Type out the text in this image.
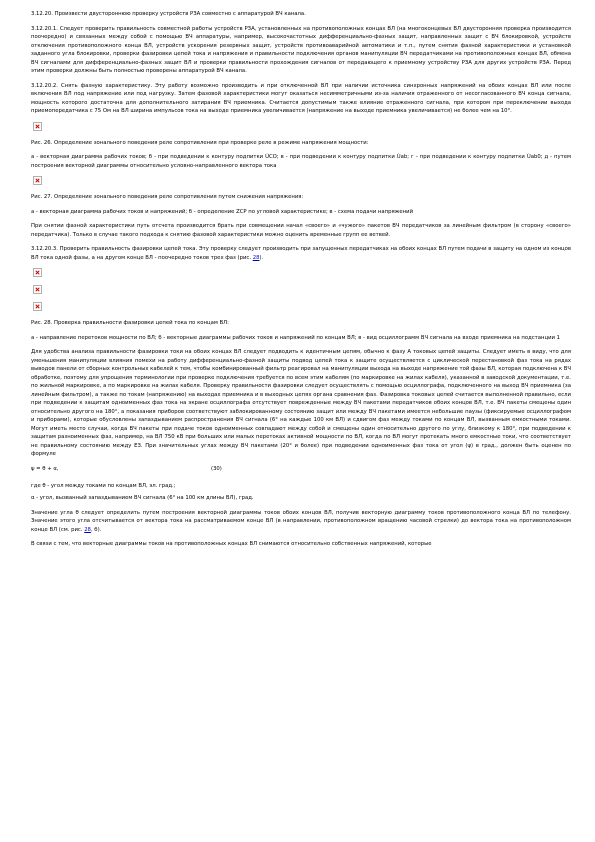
3.12.20. Произвести двустороннюю проверку устройств РЗА совместно с аппаратурой ВЧ канала.

3.12.20.1. Следует проверить правильность совместной работы устройств РЗА, установленных на противоположных концах ВЛ (на многоконцевых ВЛ двусторонняя проверка производится поочередно) и связанных между собой с помощью ВЧ аппаратуры, например, высокочастотных дифференциально-фазных защит, направленных защит с ВЧ блокировкой, устройств отключения противоположного конца ВЛ, устройств ускорения резервных защит, устройств противоаварийной автоматики и т.п., путем снятия фазной характеристики и установкой заданного угла блокировки, проверки фазировки цепей тока и напряжения и правильности подключения органов манипуляции ВЧ передатчиками на противоположных концах ВЛ, обмена ВЧ сигналами для дифференциально-фазных защит ВЛ и проверки правильности прохождения сигналов от передающего к приемному устройству РЗА для других устройств РЗА. Перед этим проверки должны быть полностью проверены аппаратурой ВЧ канала.

3.12.20.2. Снять фазную характеристику. Эту работу возможно производить и при отключенной ВЛ при наличии источника синхронных напряжений на обоих концах ВЛ или после включения ВЛ под напряжение или под нагрузку. Затем фазовой характеристики могут оказаться несимметричными из-за наличия отраженного от несогласованного ВЧ конца сигнала, мощность которого достаточна для дополнительного затирания ВЧ приемника. Считается допустимым также влияние отраженного сигнала, при котором при переключении выхода приемопередатчика с 75 Ом на ВЛ ширина импульсов тока на выходе приемника увеличивается (напряжение на выходе приемника увеличивается) не более чем на 10°.

Рис. 26. Определение зонального поведения реле сопротивления при проверке реле в режиме напряжения мощности:

а - векторная диаграмма рабочих токов; б - при подведении к контуру подпитки U̇CO; в - при подведении к контуру подпитки U̇ab; г - при подведении к контуру подпитки U̇ab0; д - путем построения векторной диаграммы относительно условно-направленного вектора тока

Рис. 27. Определение зонального поведения реле сопротивления путем снижения напряжения:

а - векторная диаграмма рабочих токов и напряжений; б - определение ZCP по угловой характеристике; в - схема подачи напряжений

При снятии фазной характеристики путь отсчета производится брать при совмещении начал «своего» и «чужого» пакетов ВЧ передатчиков за линейным фильтром (в сторону «своего» передатчика). Только в случае такого подхода к снятию фазовой характеристики можно оценить временные групп ее ветвей.

3.12.20.3. Проверить правильность фазировки цепей тока. Эту проверку следует производить при запущенных передатчиках на обоих концах ВЛ путем подачи в защиту на одном из концов ВЛ тока одной фазы, а на другом конце ВЛ - поочередно токов трех фаз (рис. 28).

Рис. 28. Проверка правильности фазировки цепей тока по концам ВЛ:

а - направление перетоков мощности по ВЛ; б - векторные диаграммы рабочих токов и напряжений по концам ВЛ; в - вид осциллограмм ВЧ сигнала на входе приемника на подстанции 1

Для удобства анализа правильности фазировки токи на обоих концах ВЛ следует подводить к идентичным цепям, обычно к фазу А токовых цепей защиты. Следует иметь в виду, что для уменьшения манипуляции влияния помехи на работу дифференциально-фазной защиты подвод цепей тока к защите осуществляется с циклической перестановкой фаз тока на рядах выводов панели от сборных контрольных кабелей к тем, чтобы комбинированный фильтр реагировал на манипуляции выхода на выходе напряжение той фазы ВЛ, которая подключена к ВЧ обработке, поэтому для упрощения терминологии при проверке подключения требуется по всем этим кабелям (по маркировке на жилах кабеля), указанной в заводской документации, т.е. по жильной маркировке, а по маркировке на жилах кабеля. Проверку правильности фазировки следует осуществлять с помощью осциллографа, подключенного на выход ВЧ приемника (за линейным фильтром), а также по токам (напряжению) на выходах приемника и в выходных цепях органа сравнения фаз. Фазировка токовых цепей считается выполненной правильно, если при подведении к защитам одноименных фаз тока на экране осциллографа отсутствует поврежденные между ВЧ пакетами передатчиков обоих концов ВЛ, т.е. ВЧ пакеты смещены один относительно другого на 180°, а показания приборов соответствуют заблокированному состоянию защит или между ВЧ пакетами имеется небольшие паузы (фиксируемые осциллографом и приборами), которые обусловлены запаздыванием распространения ВЧ сигнала (6° на каждые 100 км ВЛ) и сдвигом фаз между токами по концам ВЛ, вызванным емкостными токами. Могут иметь место случаи, когда ВЧ пакеты при подаче токов одноименных совпадают между собой и смещены один относительно другого по углу, близкому к 180°, при подведении к защитам разноименных фаз, например, на ВЛ 750 кВ при больших или малых перетоках активной мощности по ВЛ, когда по ВЛ могут протекать много емкостные токи, что соответствует не правильному состоянию между ЕЗ. При значительных углах между ВЧ пакетами (20° и более) при подведении одноименных фаз тока от угол (ψ) в град., должен быть оценен по формуле

ψ = θ + α,	(30)

где θ - угол между токами по концам ВЛ, эл. град.;

α - угол, вызванный запаздыванием ВЧ сигнала (6° на 100 км длины ВЛ), град.

Значение угла θ следует определить путем построения векторной диаграммы токов обоих концов ВЛ, получив векторную диаграмму токов противоположного конца ВЛ по телефону. Значение этого угла отсчитывается от вектора тока на рассматриваемом конце ВЛ (в направлении, противоположном вращению часовой стрелки) до вектора тока на противоположном конце ВЛ (см. рис. 28, б).

В связи с тем, что векторные диаграммы токов на противоположных концах ВЛ снимаются относительно собственных напряжений, которые
